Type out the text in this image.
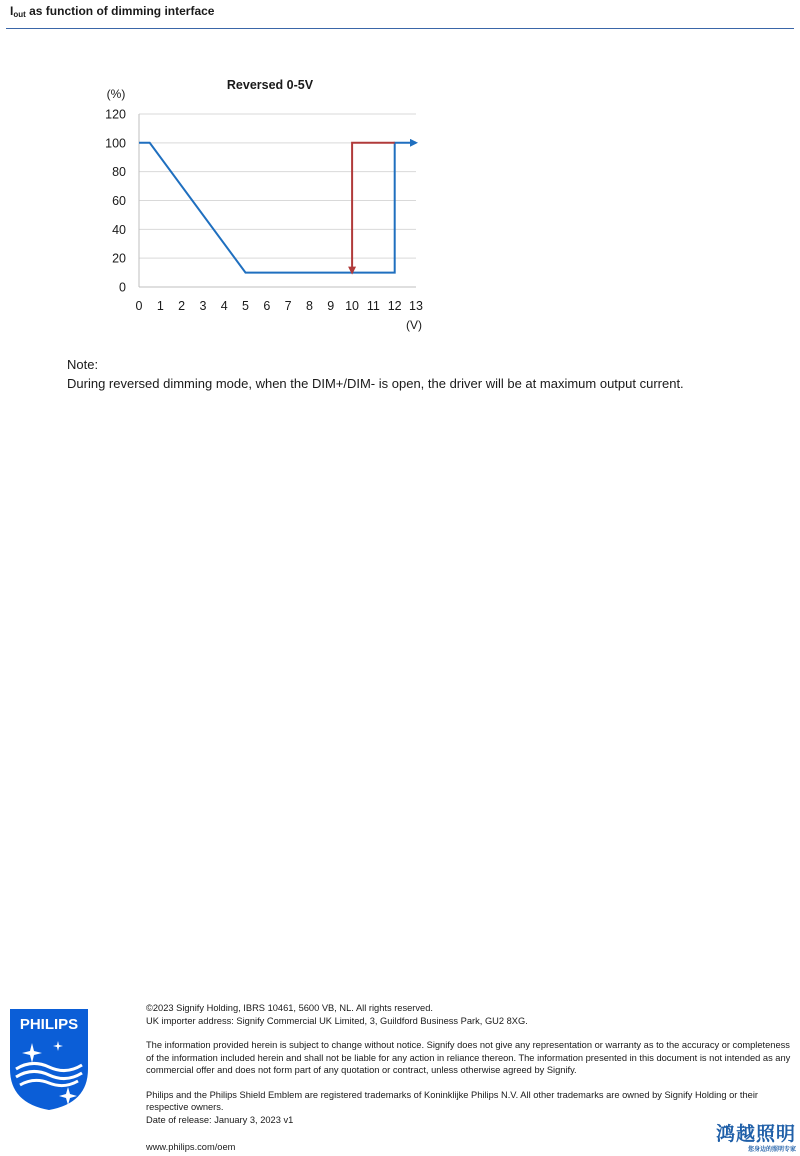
$I_{out}$ as function of dimming interface
0
20
40
60
80
100
120
0 1 2 3 4 5 6 7 8 9 10 11 12 13
Reversed 0-5V
(%)
(V)
Note:
During reversed dimming mode, when the DIM+/DIM- is open, the driver will be at maximum output current.
PHILIPS

©2023 Signify Holding, IBRS 10461, 5600 VB, NL. All rights reserved.
UK importer address: Signify Commercial UK Limited, 3, Guildford Business Park, GU2 8XG.

The information provided herein is subject to change without notice. Signify does not give any representation or warranty as to the accuracy or completeness of the information included herein and shall not be liable for any action in reliance thereon. The information presented in this document is not intended as any commercial offer and does not form part of any quotation or contract, unless otherwise agreed by Signify.

Philips and the Philips Shield Emblem are registered trademarks of Koninklijke Philips N.V. All other trademarks are owned by Signify Holding or their respective owners.
Date of release: January 3, 2023 v1

www.philips.com/oem
鸿越照明
您身边的照明专家
